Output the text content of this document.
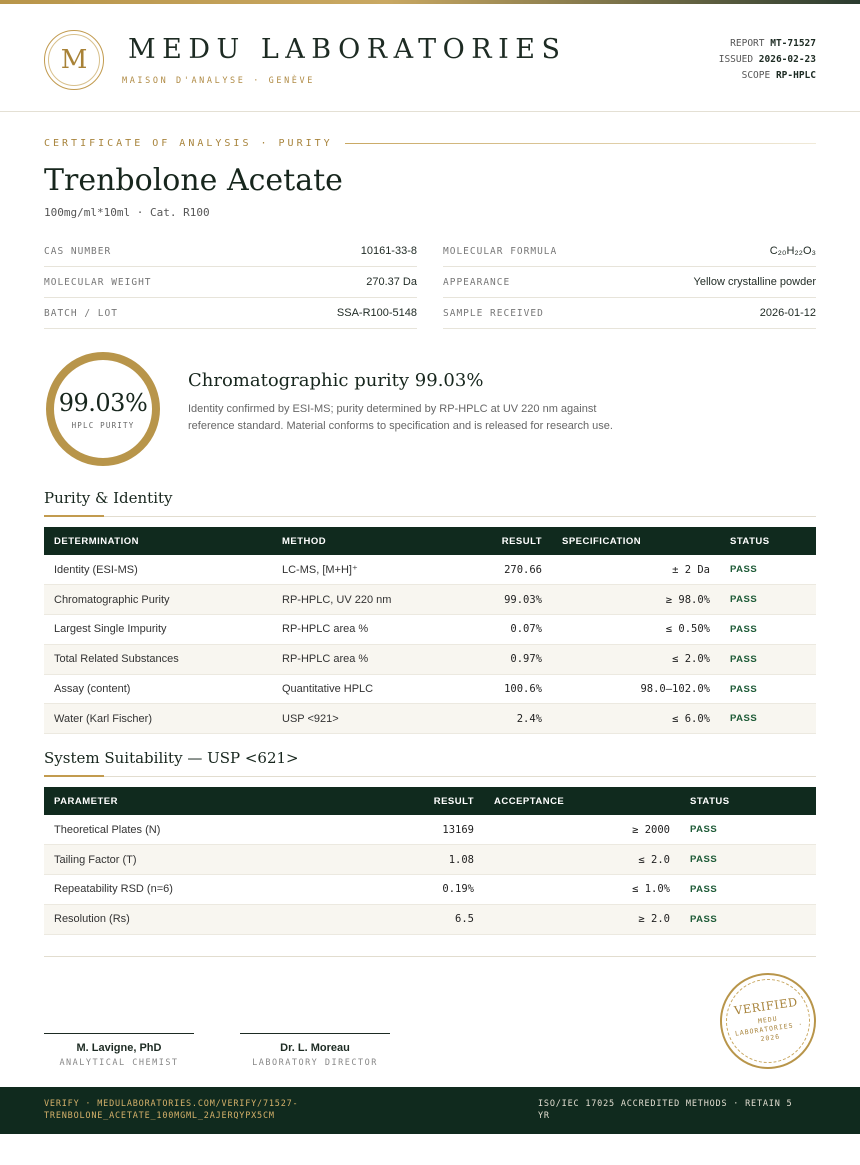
M	MEDU LABORATORIES
MAISON D'ANALYSE · GENÈVE
REPORT MT-71527
ISSUED 2026-02-23
SCOPE RP-HPLC
CERTIFICATE OF ANALYSIS · PURITY
Trenbolone Acetate
100mg/ml*10ml · Cat. R100
CAS NUMBER	10161-33-8	MOLECULAR FORMULA	C₂₀H₂₂O₃
MOLECULAR WEIGHT	270.37 Da	APPEARANCE	Yellow crystalline powder
BATCH / LOT	SSA-R100-5148	SAMPLE RECEIVED	2026-01-12
99.03%
HPLC PURITY
Chromatographic purity 99.03%
Identity confirmed by ESI-MS; purity determined by RP-HPLC at UV 220 nm against reference standard. Material conforms to specification and is released for research use.
Purity & Identity
DETERMINATION	METHOD	RESULT	SPECIFICATION	STATUS
Identity (ESI-MS)	LC-MS, [M+H]⁺	270.66	± 2 Da	PASS
Chromatographic Purity	RP-HPLC, UV 220 nm	99.03%	≥ 98.0%	PASS
Largest Single Impurity	RP-HPLC area %	0.07%	≤ 0.50%	PASS
Total Related Substances	RP-HPLC area %	0.97%	≤ 2.0%	PASS
Assay (content)	Quantitative HPLC	100.6%	98.0–102.0%	PASS
Water (Karl Fischer)	USP <921>	2.4%	≤ 6.0%	PASS
System Suitability — USP <621>
PARAMETER	RESULT	ACCEPTANCE	STATUS
Theoretical Plates (N)	13169	≥ 2000	PASS
Tailing Factor (T)	1.08	≤ 2.0	PASS
Repeatability RSD (n=6)	0.19%	≤ 1.0%	PASS
Resolution (Rs)	6.5	≥ 2.0	PASS
M. Lavigne, PhD
ANALYTICAL CHEMIST
Dr. L. Moreau
LABORATORY DIRECTOR
VERIFIED
MEDU LABORATORIES · 2026
VERIFY · MEDULABORATORIES.COM/VERIFY/71527-TRENBOLONE_ACETATE_100MGML_2AJERQYPX5CM
ISO/IEC 17025 ACCREDITED METHODS · RETAIN 5 YR
